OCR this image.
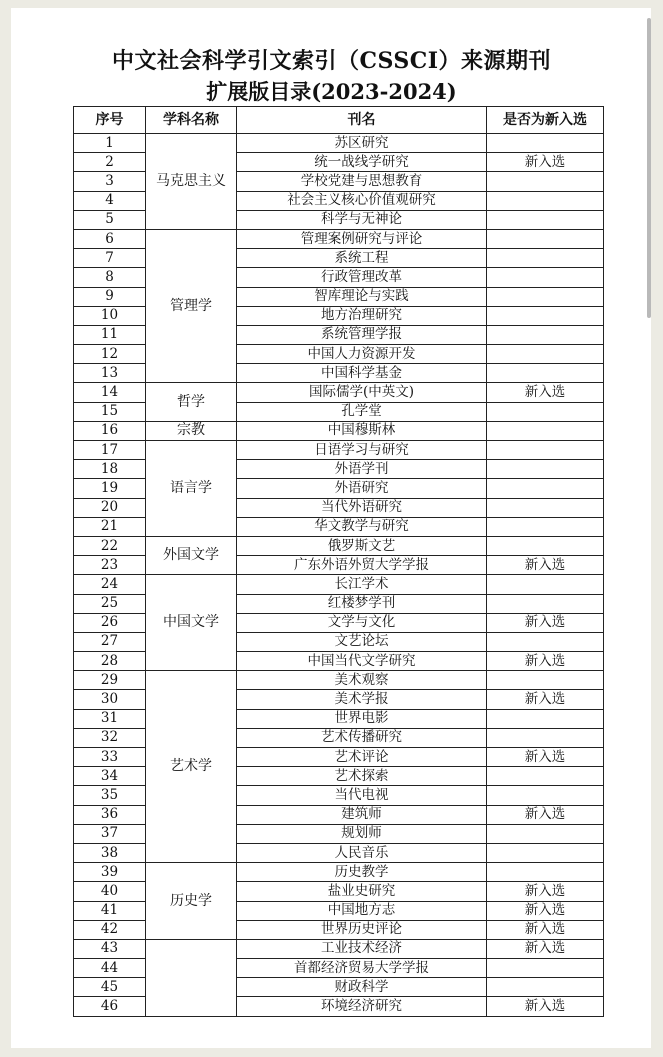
中文社会科学引文索引（CSSCI）来源期刊
扩展版目录(2023-2024)
序号	学科名称	刊名	是否为新入选
1	马克思主义	苏区研究	
2		统一战线学研究	新入选
3		学校党建与思想教育	
4		社会主义核心价值观研究	
5		科学与无神论	
6	管理学	管理案例研究与评论	
7		系统工程	
8		行政管理改革	
9		智库理论与实践	
10		地方治理研究	
11		系统管理学报	
12		中国人力资源开发	
13		中国科学基金	
14	哲学	国际儒学(中英文)	新入选
15		孔学堂	
16	宗教	中国穆斯林	
17	语言学	日语学习与研究	
18		外语学刊	
19		外语研究	
20		当代外语研究	
21		华文教学与研究	
22	外国文学	俄罗斯文艺	
23		广东外语外贸大学学报	新入选
24	中国文学	长江学术	
25		红楼梦学刊	
26		文学与文化	新入选
27		文艺论坛	
28		中国当代文学研究	新入选
29	艺术学	美术观察	
30		美术学报	新入选
31		世界电影	
32		艺术传播研究	
33		艺术评论	新入选
34		艺术探索	
35		当代电视	
36		建筑师	新入选
37		规划师	
38		人民音乐	
39	历史学	历史教学	
40		盐业史研究	新入选
41		中国地方志	新入选
42		世界历史评论	新入选
43		工业技术经济	新入选
44		首都经济贸易大学学报	
45		财政科学	
46		环境经济研究	新入选
